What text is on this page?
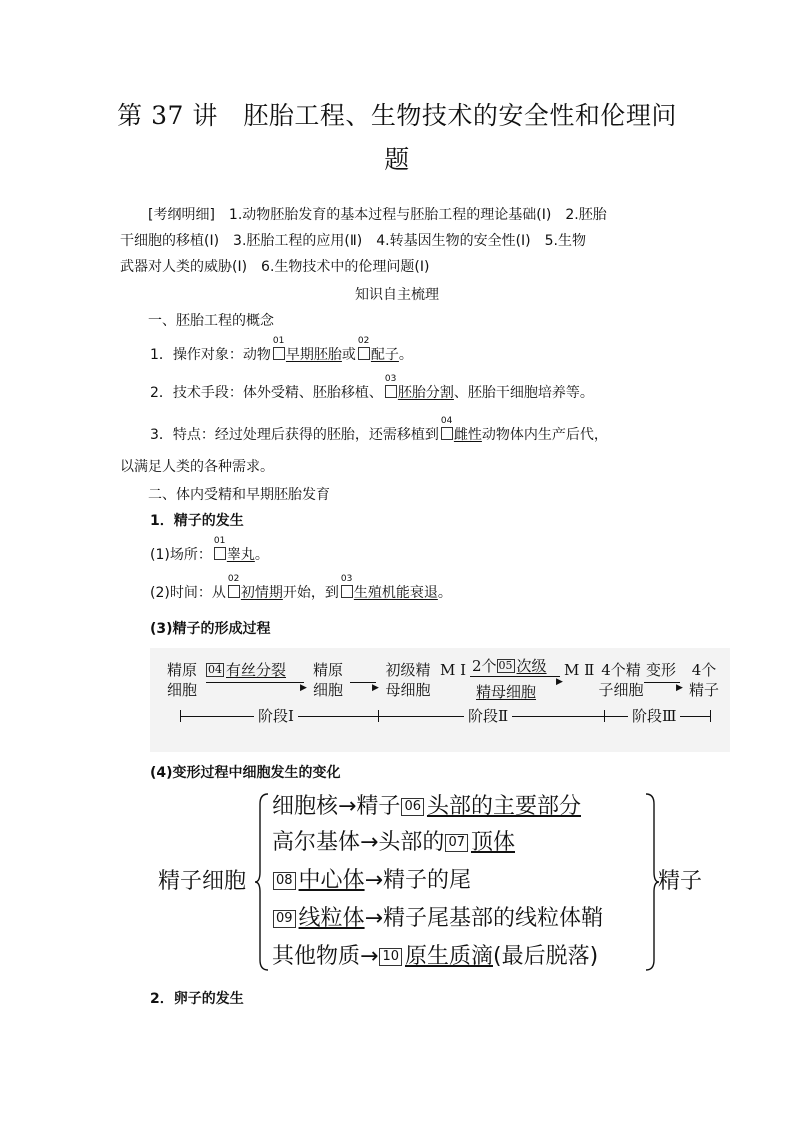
第 37 讲　胚胎工程、生物技术的安全性和伦理问
题
[考纲明细]　1.动物胚胎发育的基本过程与胚胎工程的理论基础(Ⅰ)　2.胚胎
干细胞的移植(Ⅰ)　3.胚胎工程的应用(Ⅱ)　4.转基因生物的安全性(Ⅰ)　5.生物
武器对人类的威胁(Ⅰ)　6.生物技术中的伦理问题(Ⅰ)
知识自主梳理
一、胚胎工程的概念
1．操作对象：动物
01
早期胚胎或
02
配子。
2．技术手段：体外受精、胚胎移植、
03
胚胎分割、胚胎干细胞培养等。
3．特点：经过处理后获得的胚胎，还需移植到
04
雌性动物体内生产后代，
以满足人类的各种需求。
二、体内受精和早期胚胎发育
1．精子的发生
(1)场所：
01
睾丸。
(2)时间：从
02
初情期开始，到
03
生殖机能衰退。
(3)精子的形成过程
精原
细胞
04 有丝分裂
▶
精原
细胞	▶
初级精
母细胞
M Ⅰ 2个 05 次级
▶
精母细胞
M Ⅱ 4个精
子细胞
变形
▶
4个
精子
阶段Ⅰ	阶段Ⅱ	阶段Ⅲ
(4)变形过程中细胞发生的变化
精子细胞
细胞核→精子 06 头部的主要部分
高尔基体→头部的 07 顶体
08 中心体→精子的尾
09 线粒体→精子尾基部的线粒体鞘
其他物质→ 10 原生质滴(最后脱落)
精子
2．卵子的发生
